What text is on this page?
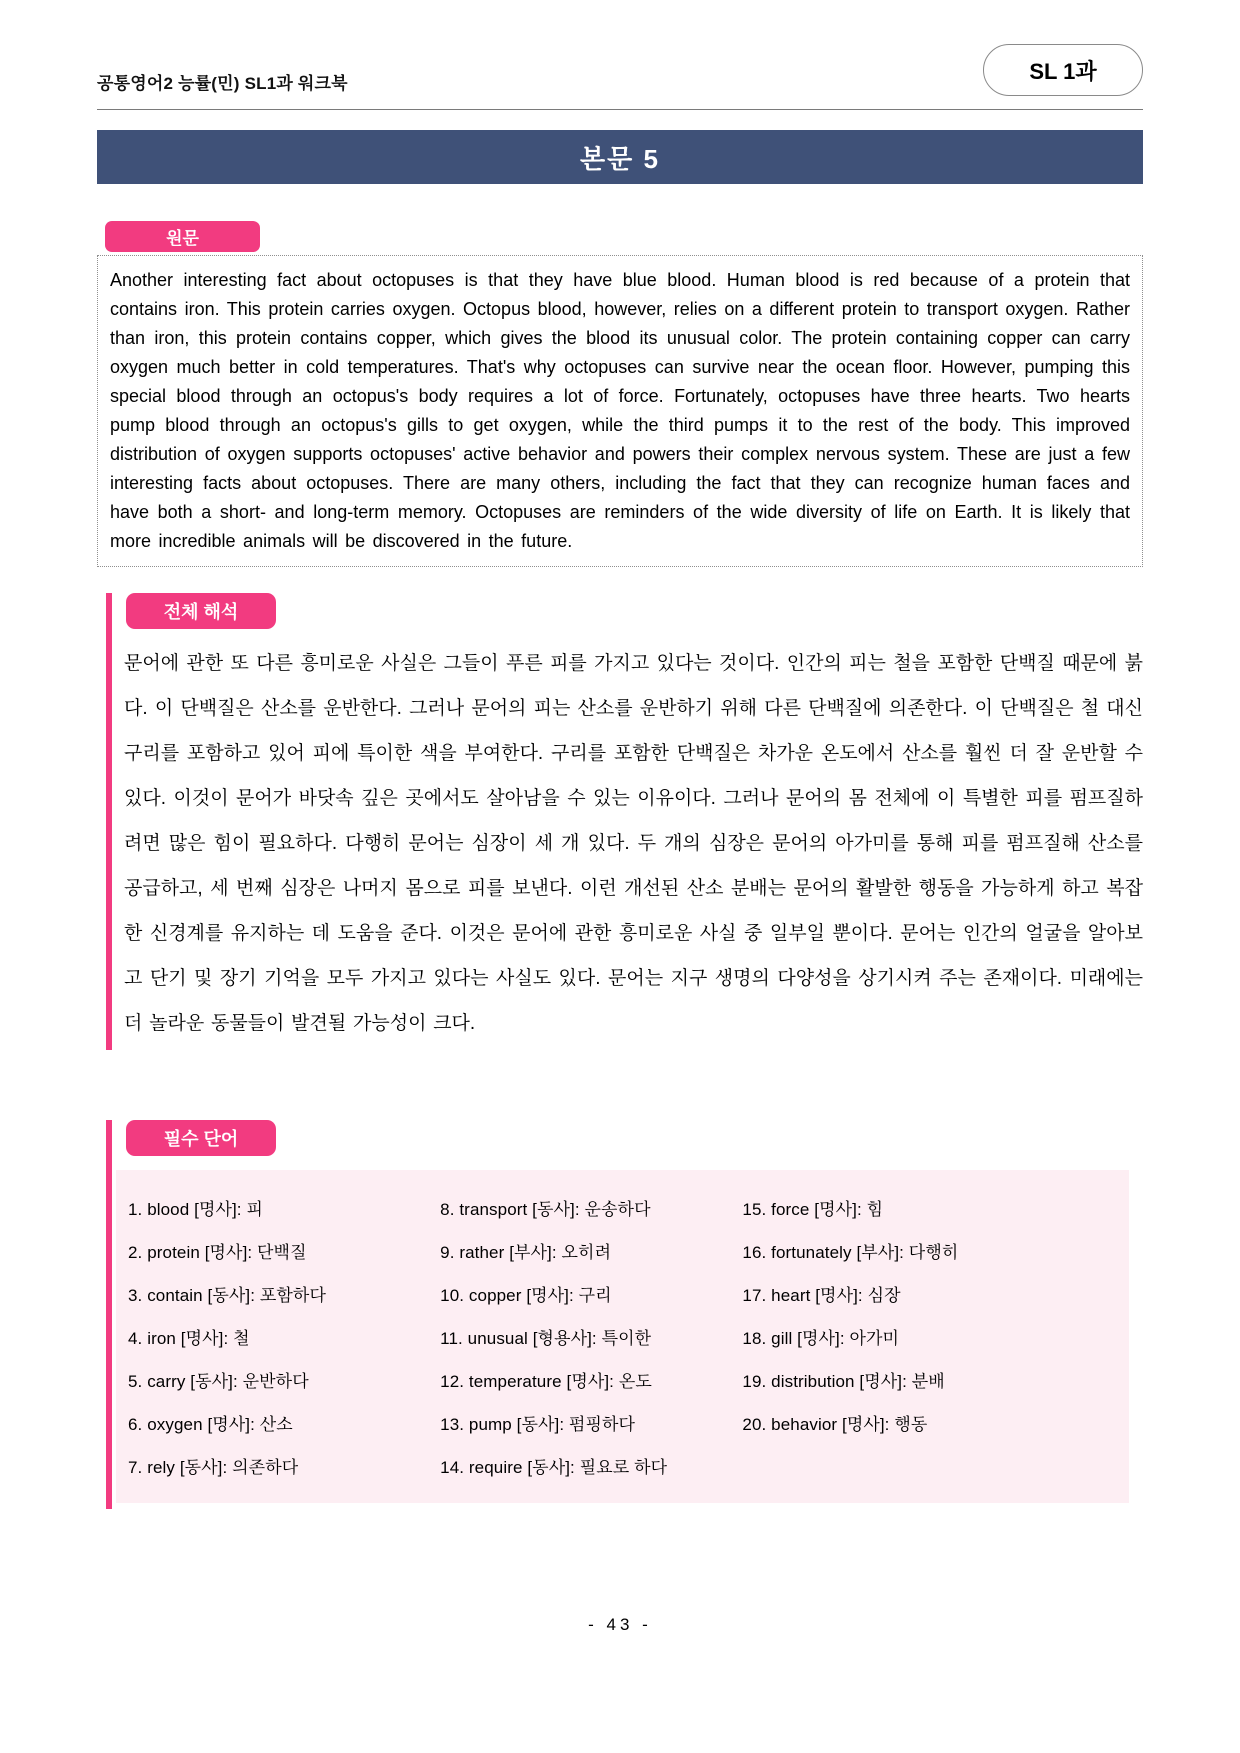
공통영어2 능률(민) SL1과 워크북	SL 1과
본문 5
원문

Another interesting fact about octopuses is that they have blue blood. Human blood is red because of a protein that contains iron. This protein carries oxygen. Octopus blood, however, relies on a different protein to transport oxygen. Rather than iron, this protein contains copper, which gives the blood its unusual color. The protein containing copper can carry oxygen much better in cold temperatures. That's why octopuses can survive near the ocean floor. However, pumping this special blood through an octopus's body requires a lot of force. Fortunately, octopuses have three hearts. Two hearts pump blood through an octopus's gills to get oxygen, while the third pumps it to the rest of the body. This improved distribution of oxygen supports octopuses' active behavior and powers their complex nervous system. These are just a few interesting facts about octopuses. There are many others, including the fact that they can recognize human faces and have both a short- and long-term memory. Octopuses are reminders of the wide diversity of life on Earth. It is likely that more incredible animals will be discovered in the future.

전체 해석

문어에 관한 또 다른 흥미로운 사실은 그들이 푸른 피를 가지고 있다는 것이다. 인간의 피는 철을 포함한 단백질 때문에 붉다. 이 단백질은 산소를 운반한다. 그러나 문어의 피는 산소를 운반하기 위해 다른 단백질에 의존한다. 이 단백질은 철 대신 구리를 포함하고 있어 피에 특이한 색을 부여한다. 구리를 포함한 단백질은 차가운 온도에서 산소를 훨씬 더 잘 운반할 수 있다. 이것이 문어가 바닷속 깊은 곳에서도 살아남을 수 있는 이유이다. 그러나 문어의 몸 전체에 이 특별한 피를 펌프질하려면 많은 힘이 필요하다. 다행히 문어는 심장이 세 개 있다. 두 개의 심장은 문어의 아가미를 통해 피를 펌프질해 산소를 공급하고, 세 번째 심장은 나머지 몸으로 피를 보낸다. 이런 개선된 산소 분배는 문어의 활발한 행동을 가능하게 하고 복잡한 신경계를 유지하는 데 도움을 준다. 이것은 문어에 관한 흥미로운 사실 중 일부일 뿐이다. 문어는 인간의 얼굴을 알아보고 단기 및 장기 기억을 모두 가지고 있다는 사실도 있다. 문어는 지구 생명의 다양성을 상기시켜 주는 존재이다. 미래에는 더 놀라운 동물들이 발견될 가능성이 크다.

필수 단어
1. blood [명사]: 피
2. protein [명사]: 단백질
3. contain [동사]: 포함하다
4. iron [명사]: 철
5. carry [동사]: 운반하다
6. oxygen [명사]: 산소
7. rely [동사]: 의존하다
8. transport [동사]: 운송하다
9. rather [부사]: 오히려
10. copper [명사]: 구리
11. unusual [형용사]: 특이한
12. temperature [명사]: 온도
13. pump [동사]: 펌핑하다
14. require [동사]: 필요로 하다
15. force [명사]: 힘
16. fortunately [부사]: 다행히
17. heart [명사]: 심장
18. gill [명사]: 아가미
19. distribution [명사]: 분배
20. behavior [명사]: 행동
- 43 -
